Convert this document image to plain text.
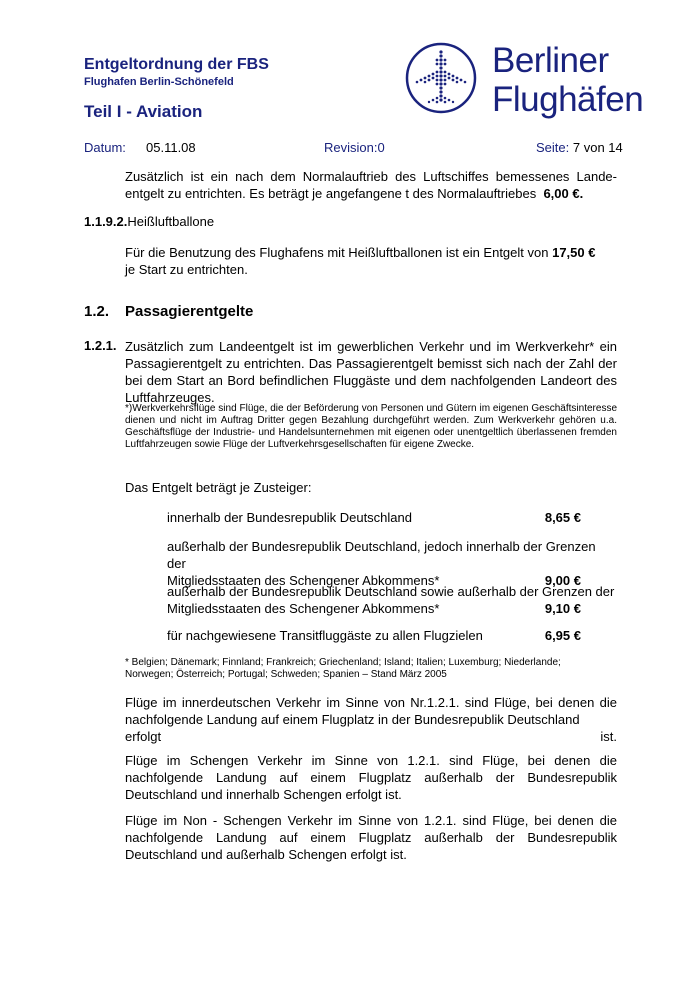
Entgeltordnung der FBS
Flughafen Berlin-Schönefeld
Teil I - Aviation
Berliner
Flughäfen
Datum: 05.11.08	Revision:0	Seite: 7 von 14

Zusätzlich ist ein nach dem Normalauftrieb des Luftschiffes bemessenes Lande-

entgelt zu entrichten. Es beträgt je angefangene t des Normalauftriebes 6,00 €.

1.1.9.2.Heißluftballone

Für die Benutzung des Flughafens mit Heißluftballonen ist ein Entgelt von 17,50 €

je Start zu entrichten.

1.2. Passagierentgelte
1.2.1. Zusätzlich zum Landeentgelt ist im gewerblichen Verkehr und im Werkverkehr* ein Passagierentgelt zu entrichten. Das Passagierentgelt bemisst sich nach der Zahl der bei dem Start an Bord befindlichen Fluggäste und dem nachfolgenden Landeort des Luftfahrzeuges.
*)Werkverkehrsflüge sind Flüge, die der Beförderung von Personen und Gütern im eigenen Geschäftsinteresse dienen und nicht im Auftrag Dritter gegen Bezahlung durchgeführt werden. Zum Werkverkehr gehören u.a. Geschäftsflüge der Industrie- und Handelsunternehmen mit eigenen oder unentgeltlich überlassenen fremden Luftfahrzeugen sowie Flüge der Luftverkehrsgesellschaften für eigene Zwecke.
Das Entgelt beträgt je Zusteiger:
innerhalb der Bundesrepublik Deutschland	8,65 €
außerhalb der Bundesrepublik Deutschland, jedoch innerhalb der Grenzen der
Mitgliedsstaaten des Schengener Abkommens*	9,00 €
außerhalb der Bundesrepublik Deutschland sowie außerhalb der Grenzen der
Mitgliedsstaaten des Schengener Abkommens*	9,10 €
für nachgewiesene Transitfluggäste zu allen Flugzielen	6,95 €
* Belgien; Dänemark; Finnland; Frankreich; Griechenland; Island; Italien; Luxemburg; Niederlande; Norwegen; Österreich; Portugal; Schweden; Spanien – Stand März 2005
Flüge im innerdeutschen Verkehr im Sinne von Nr.1.2.1. sind Flüge, bei denen die nachfolgende Landung auf einem Flugplatz in der Bundesrepublik Deutschland
erfolgt	ist.
Flüge im Schengen Verkehr im Sinne von 1.2.1. sind Flüge, bei denen die nachfolgende Landung auf einem Flugplatz außerhalb der Bundesrepublik Deutschland und innerhalb Schengen erfolgt ist.
Flüge im Non - Schengen Verkehr im Sinne von 1.2.1. sind Flüge, bei denen die nachfolgende Landung auf einem Flugplatz außerhalb der Bundesrepublik Deutschland und außerhalb Schengen erfolgt ist.
